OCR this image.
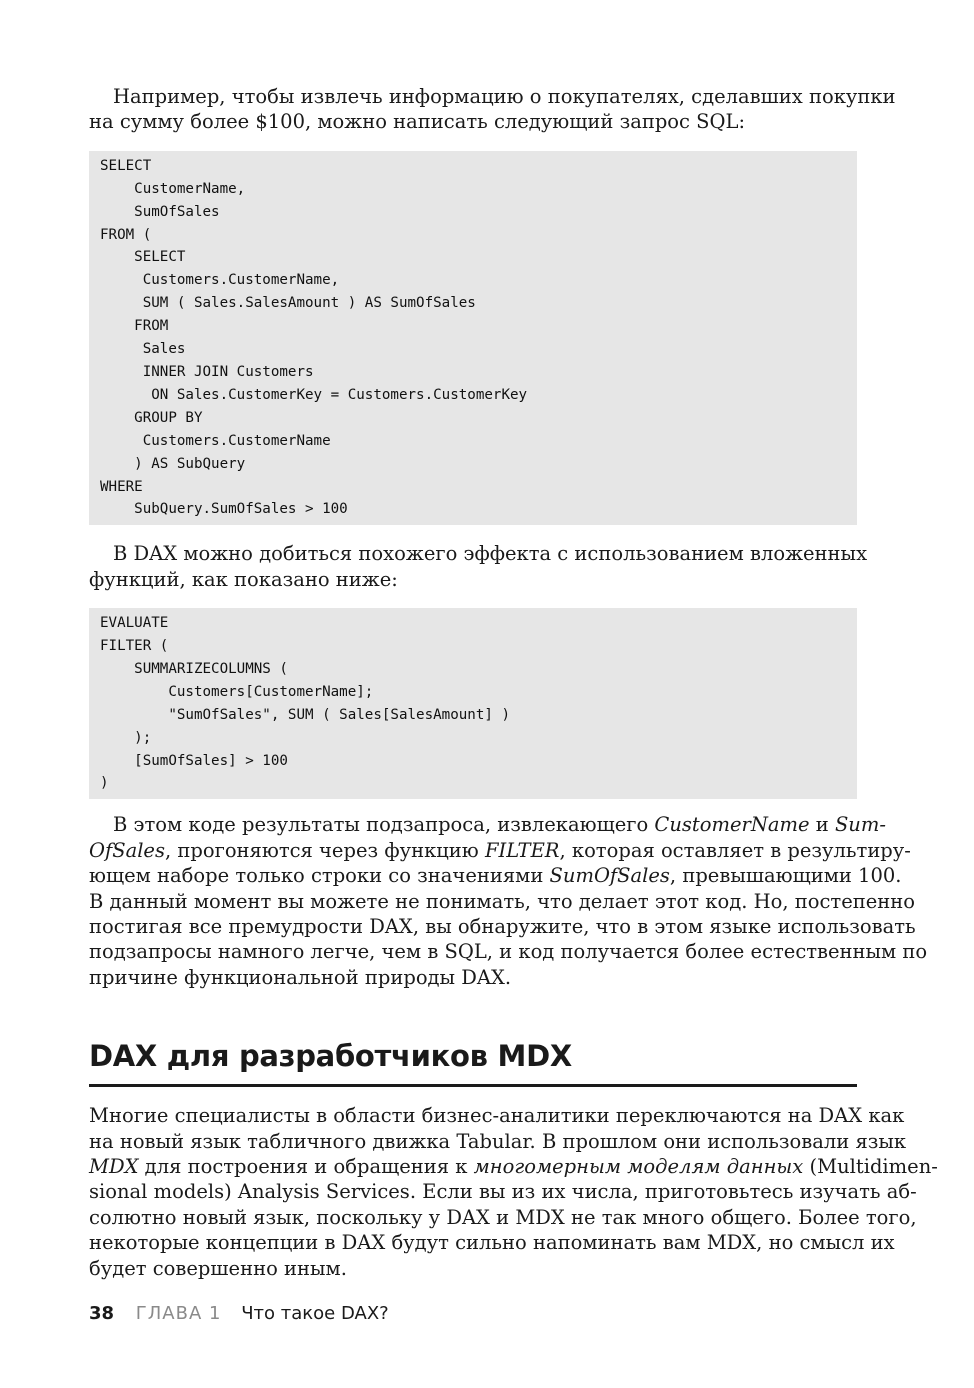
Например, чтобы извлечь информацию о покупателях, сделавших покупки
на сумму более $100, можно написать следующий запрос SQL:

SELECT
CustomerName,
SumOfSales
FROM (
SELECT
Customers.CustomerName,
SUM ( Sales.SalesAmount ) AS SumOfSales
FROM
Sales
INNER JOIN Customers
ON Sales.CustomerKey = Customers.CustomerKey
GROUP BY
Customers.CustomerName
) AS SubQuery
WHERE
SubQuery.SumOfSales > 100

В DAX можно добиться похожего эффекта с использованием вложенных
функций, как показано ниже:

EVALUATE
FILTER (
SUMMARIZECOLUMNS (
Customers[CustomerName];
"SumOfSales", SUM ( Sales[SalesAmount] )
);
[SumOfSales] > 100
)

В этом коде результаты подзапроса, извлекающего CustomerName и Sum-
OfSales, прогоняются через функцию FILTER, которая оставляет в результиру-
ющем наборе только строки со значениями SumOfSales, превышающими 100.
В данный момент вы можете не понимать, что делает этот код. Но, постепенно
постигая все премудрости DAX, вы обнаружите, что в этом языке использовать
подзапросы намного легче, чем в SQL, и код получается более естественным по
причине функциональной природы DAX.

DAX для разработчиков MDX

Многие специалисты в области бизнес-аналитики переключаются на DAX как
на новый язык табличного движка Tabular. В прошлом они использовали язык
MDX для построения и обращения к многомерным моделям данных (Multidimen-
sional models) Analysis Services. Если вы из их числа, приготовьтесь изучать аб-
солютно новый язык, поскольку у DAX и MDX не так много общего. Более того,
некоторые концепции в DAX будут сильно напоминать вам MDX, но смысл их
будет совершенно иным.

38 ГЛАВА 1 Что такое DAX?
